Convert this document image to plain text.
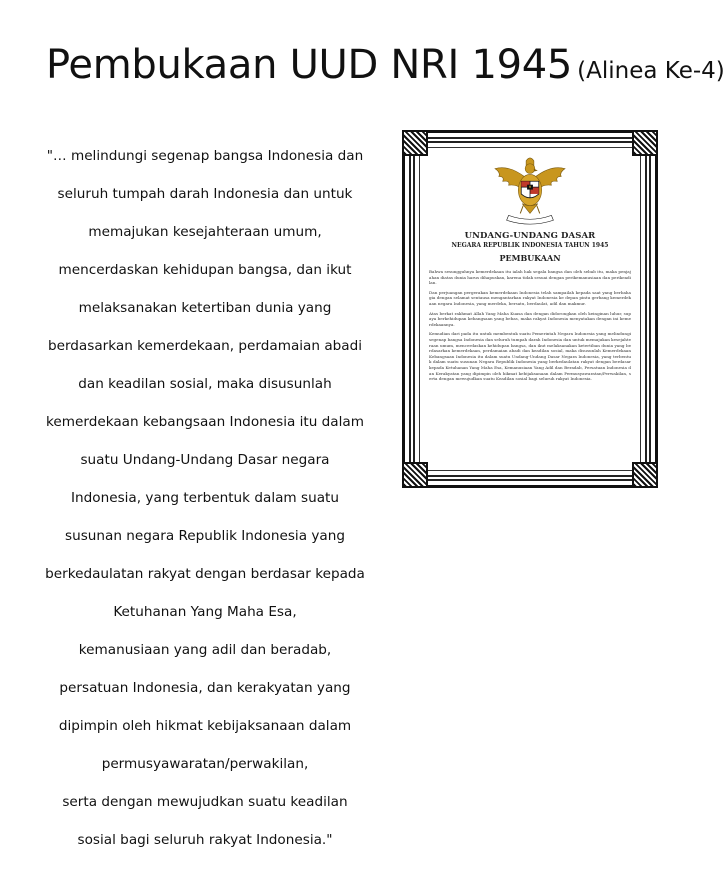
Pembukaan UUD NRI 1945 (Alinea Ke-4)

"… melindungi segenap bangsa Indonesia dan

seluruh tumpah darah Indonesia dan untuk

memajukan kesejahteraan umum,

mencerdaskan kehidupan bangsa, dan ikut

melaksanakan ketertiban dunia yang

berdasarkan kemerdekaan, perdamaian abadi

dan keadilan sosial, maka disusunlah

kemerdekaan kebangsaan Indonesia itu dalam

suatu Undang-Undang Dasar negara

Indonesia, yang terbentuk dalam suatu

susunan negara Republik Indonesia yang

berkedaulatan rakyat dengan berdasar kepada

Ketuhanan Yang Maha Esa,

kemanusiaan yang adil dan beradab,

persatuan Indonesia, dan kerakyatan yang

dipimpin oleh hikmat kebijaksanaan dalam

permusyawaratan/perwakilan,

serta dengan mewujudkan suatu keadilan

sosial bagi seluruh rakyat Indonesia."

UNDANG-UNDANG DASAR
NEGARA REPUBLIK INDONESIA TAHUN 1945
PEMBUKAAN
Bahwa sesungguhnya kemerdekaan itu ialah hak segala bangsa dan oleh sebab itu, maka penjajahan diatas dunia harus dihapuskan, karena tidak sesuai dengan perikemanusiaan dan perikeadilan.
Dan perjuangan pergerakan kemerdekaan Indonesia telah sampailah kepada saat yang berbahagia dengan selamat sentausa mengantarkan rakyat Indonesia ke depan pintu gerbang kemerdekaan negara Indonesia, yang merdeka, bersatu, berdaulat, adil dan makmur.
Atas berkat rakhmat Allah Yang Maha Kuasa dan dengan didorongkan oleh keinginan luhur, supaya berkehidupan kebangsaan yang bebas, maka rakyat Indonesia menyatakan dengan ini kemerdekaannya.
Kemudian dari pada itu untuk membentuk suatu Pemerintah Negara Indonesia yang melindungi segenap bangsa Indonesia dan seluruh tumpah darah Indonesia dan untuk memajukan kesejahteraan umum, mencerdaskan kehidupan bangsa, dan ikut melaksanakan ketertiban dunia yang berdasarkan kemerdekaan, perdamaian abadi dan keadilan sosial, maka disusunlah Kemerdekaan Kebangsaan Indonesia itu dalam suatu Undang-Undang Dasar Negara Indonesia, yang terbentuk dalam suatu susunan Negara Republik Indonesia yang berkedaulatan rakyat dengan berdasar kepada Ketuhanan Yang Maha Esa, Kemanusiaan Yang Adil dan Beradab, Persatuan Indonesia dan Kerakyatan yang dipimpin oleh hikmat kebijaksanaan dalam Permusyawaratan/Perwakilan, serta dengan mewujudkan suatu Keadilan sosial bagi seluruh rakyat Indonesia.
